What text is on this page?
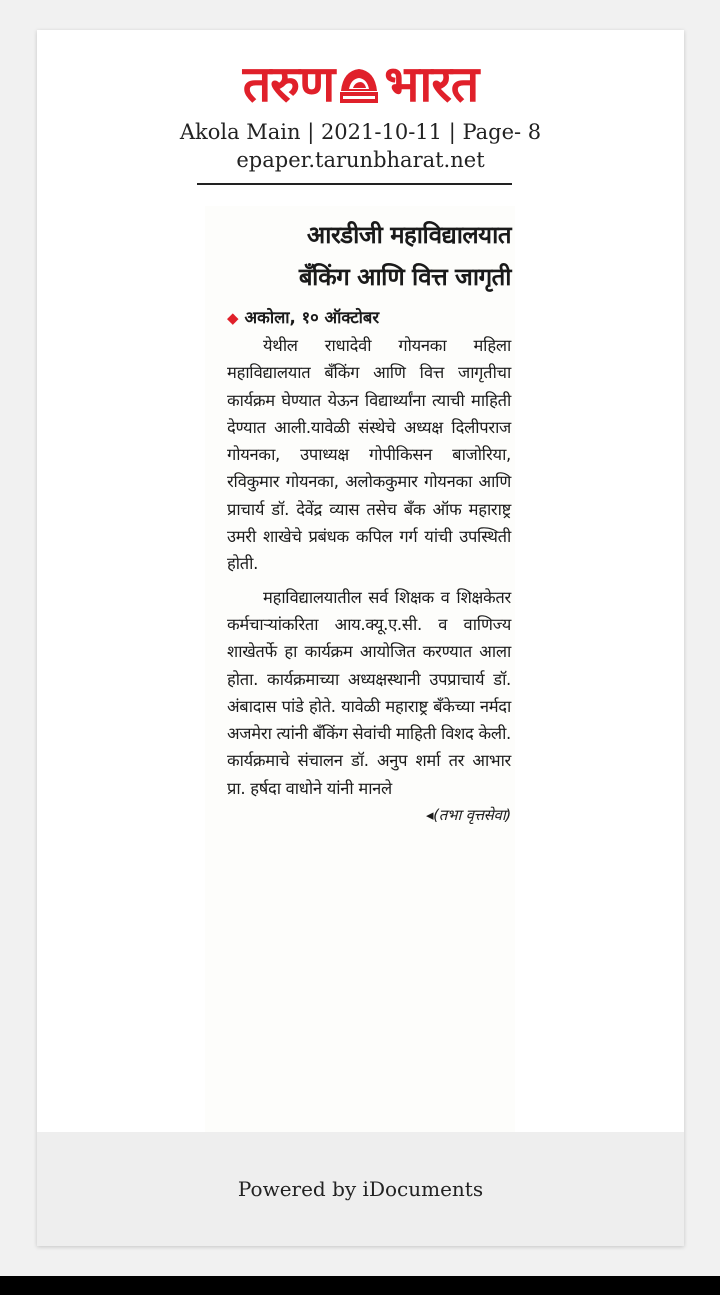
तरुण भारत
Akola Main | 2021-10-11 | Page- 8
epaper.tarunbharat.net
आरडीजी महाविद्यालयात
बँकिंग आणि वित्त जागृती
◆ अकोला, १० ऑक्टोबर

येथील राधादेवी गोयनका महिला महाविद्यालयात बँकिंग आणि वित्त जागृतीचा कार्यक्रम घेण्यात येऊन विद्यार्थ्यांना त्याची माहिती देण्यात आली.यावेळी संस्थेचे अध्यक्ष दिलीपराज गोयनका, उपाध्यक्ष गोपीकिसन बाजोरिया, रविकुमार गोयनका, अलोककुमार गोयनका आणि प्राचार्य डॉ. देवेंद्र व्यास तसेच बँक ऑफ महाराष्ट्र उमरी शाखेचे प्रबंधक कपिल गर्ग यांची उपस्थिती होती.

महाविद्यालयातील सर्व शिक्षक व शिक्षकेतर कर्मचाऱ्यांकरिता आय.क्यू.ए.सी. व वाणिज्य शाखेतर्फे हा कार्यक्रम आयोजित करण्यात आला होता. कार्यक्रमाच्या अध्यक्षस्थानी उपप्राचार्य डॉ. अंबादास पांडे होते. यावेळी महाराष्ट्र बँकेच्या नर्मदा अजमेरा त्यांनी बँकिंग सेवांची माहिती विशद केली. कार्यक्रमाचे संचालन डॉ. अनुप शर्मा तर आभार प्रा. हर्षदा वाधोने यांनी मानले
◂(तभा वृत्तसेवा)

Powered by iDocuments
